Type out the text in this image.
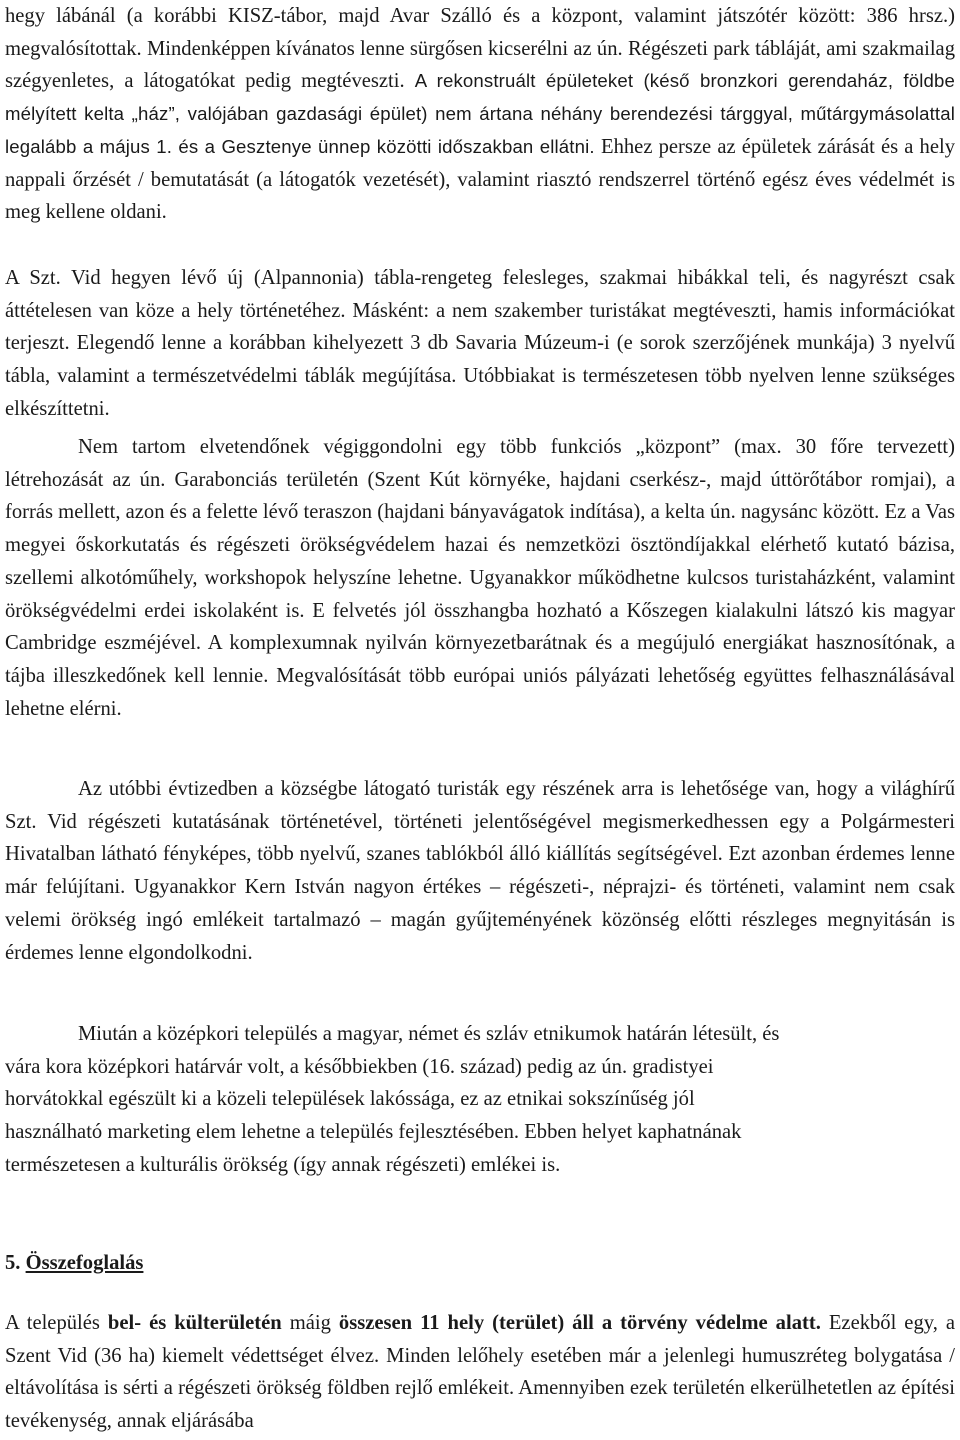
hegy lábánál (a korábbi KISZ-tábor, majd Avar Szálló és a központ, valamint játszótér között: 386 hrsz.) megvalósítottak. Mindenképpen kívánatos lenne sürgősen kicserélni az ún. Régészeti park tábláját, ami szakmailag szégyenletes, a látogatókat pedig megtéveszti. A rekonstruált épületeket (késő bronzkori gerendaház, földbe mélyített kelta „ház”, valójában gazdasági épület) nem ártana néhány berendezési tárggyal, műtárgymásolattal legalább a május 1. és a Gesztenye ünnep közötti időszakban ellátni. Ehhez persze az épületek zárását és a hely nappali őrzését / bemutatását (a látogatók vezetését), valamint riasztó rendszerrel történő egész éves védelmét is meg kellene oldani.

A Szt. Vid hegyen lévő új (Alpannonia) tábla-rengeteg felesleges, szakmai hibákkal teli, és nagyrészt csak áttételesen van köze a hely történetéhez. Másként: a nem szakember turistákat megtéveszti, hamis információkat terjeszt. Elegendő lenne a korábban kihelyezett 3 db Savaria Múzeum-i (e sorok szerzőjének munkája) 3 nyelvű tábla, valamint a természetvédelmi táblák megújítása. Utóbbiakat is természetesen több nyelven lenne szükséges elkészíttetni.

Nem tartom elvetendőnek végiggondolni egy több funkciós „központ” (max. 30 főre tervezett) létrehozását az ún. Garabonciás területén (Szent Kút környéke, hajdani cserkész-, majd úttörőtábor romjai), a forrás mellett, azon és a felette lévő teraszon (hajdani bányavágatok indítása), a kelta ún. nagysánc között. Ez a Vas megyei őskorkutatás és régészeti örökségvédelem hazai és nemzetközi ösztöndíjakkal elérhető kutató bázisa, szellemi alkotóműhely, workshopok helyszíne lehetne. Ugyanakkor működhetne kulcsos turistaházként, valamint örökségvédelmi erdei iskolaként is. E felvetés jól összhangba hozható a Kőszegen kialakulni látszó kis magyar Cambridge eszméjével. A komplexumnak nyilván környezetbarátnak és a megújuló energiákat hasznosítónak, a tájba illeszkedőnek kell lennie. Megvalósítását több európai uniós pályázati lehetőség együttes felhasználásával lehetne elérni.

Az utóbbi évtizedben a községbe látogató turisták egy részének arra is lehetősége van, hogy a világhírű Szt. Vid régészeti kutatásának történetével, történeti jelentőségével megismerkedhessen egy a Polgármesteri Hivatalban látható fényképes, több nyelvű, szanes tablókból álló kiállítás segítségével. Ezt azonban érdemes lenne már felújítani. Ugyanakkor Kern István nagyon értékes – régészeti-, néprajzi- és történeti, valamint nem csak velemi örökség ingó emlékeit tartalmazó – magán gyűjteményének közönség előtti részleges megnyitásán is érdemes lenne elgondolkodni.

Miután a középkori település a magyar, német és szláv etnikumok határán létesült, és
vára kora középkori határvár volt, a későbbiekben (16. század) pedig az ún. gradistyei
horvátokkal egészült ki a közeli települések lakóssága, ez az etnikai sokszínűség jól
használható marketing elem lehetne a település fejlesztésében. Ebben helyet kaphatnának
természetesen a kulturális örökség (így annak régészeti) emlékei is.
5. Összefoglalás

A település bel- és külterületén máig összesen 11 hely (terület) áll a törvény védelme alatt. Ezekből egy, a Szent Vid (36 ha) kiemelt védettséget élvez. Minden lelőhely esetében már a jelenlegi humuszréteg bolygatása / eltávolítása is sérti a régészeti örökség földben rejlő emlékeit. Amennyiben ezek területén elkerülhetetlen az építési tevékenység, annak eljárásába
